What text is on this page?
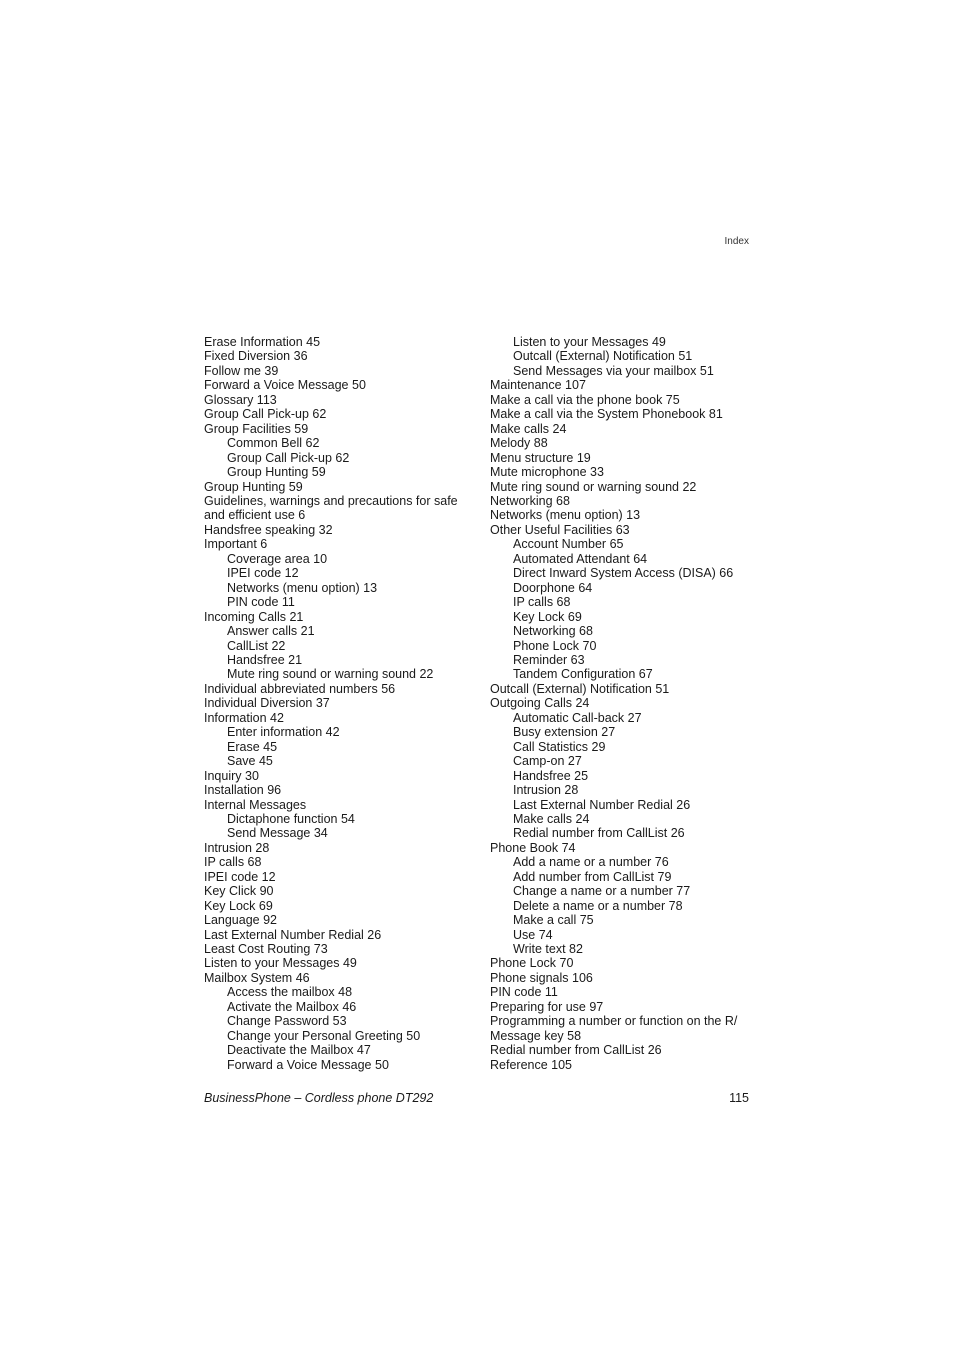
Index
Erase Information 45
Fixed Diversion 36
Follow me 39
Forward a Voice Message 50
Glossary 113
Group Call Pick-up 62
Group Facilities 59
Common Bell 62
Group Call Pick-up 62
Group Hunting 59
Group Hunting 59
Guidelines, warnings and precautions for safe
and efficient use 6
Handsfree speaking 32
Important 6
Coverage area 10
IPEI code 12
Networks (menu option) 13
PIN code 11
Incoming Calls 21
Answer calls 21
CallList 22
Handsfree 21
Mute ring sound or warning sound 22
Individual abbreviated numbers 56
Individual Diversion 37
Information 42
Enter information 42
Erase 45
Save 45
Inquiry 30
Installation 96
Internal Messages
Dictaphone function 54
Send Message 34
Intrusion 28
IP calls 68
IPEI code 12
Key Click 90
Key Lock 69
Language 92
Last External Number Redial 26
Least Cost Routing 73
Listen to your Messages 49
Mailbox System 46
Access the mailbox 48
Activate the Mailbox 46
Change Password 53
Change your Personal Greeting 50
Deactivate the Mailbox 47
Forward a Voice Message 50
Listen to your Messages 49
Outcall (External) Notification 51
Send Messages via your mailbox 51
Maintenance 107
Make a call via the phone book 75
Make a call via the System Phonebook 81
Make calls 24
Melody 88
Menu structure 19
Mute microphone 33
Mute ring sound or warning sound 22
Networking 68
Networks (menu option) 13
Other Useful Facilities 63
Account Number 65
Automated Attendant 64
Direct Inward System Access (DISA) 66
Doorphone 64
IP calls 68
Key Lock 69
Networking 68
Phone Lock 70
Reminder 63
Tandem Configuration 67
Outcall (External) Notification 51
Outgoing Calls 24
Automatic Call-back 27
Busy extension 27
Call Statistics 29
Camp-on 27
Handsfree 25
Intrusion 28
Last External Number Redial 26
Make calls 24
Redial number from CallList 26
Phone Book 74
Add a name or a number 76
Add number from CallList 79
Change a name or a number 77
Delete a name or a number 78
Make a call 75
Use 74
Write text 82
Phone Lock 70
Phone signals 106
PIN code 11
Preparing for use 97
Programming a number or function on the R/
Message key 58
Redial number from CallList 26
Reference 105
BusinessPhone – Cordless phone DT292	115
